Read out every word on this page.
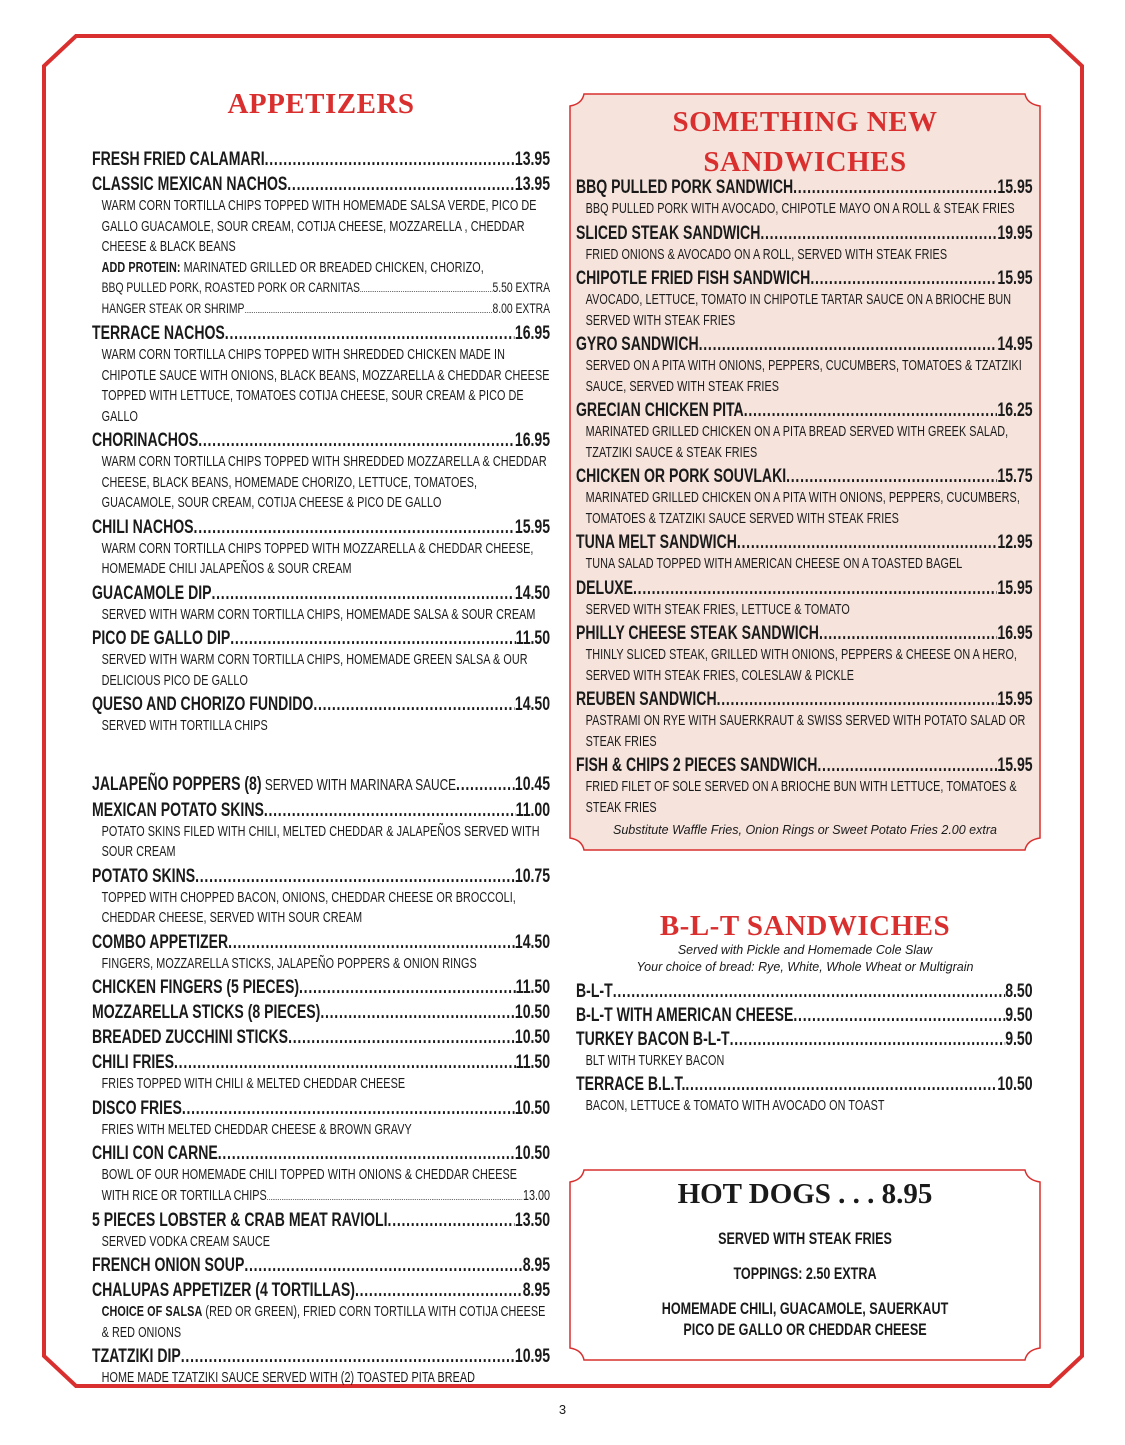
APPETIZERS
FRESH FRIED CALAMARI .....	13.95
CLASSIC MEXICAN NACHOS .....	13.95
WARM CORN TORTILLA CHIPS TOPPED WITH HOMEMADE SALSA VERDE, PICO DE GALLO GUACAMOLE, SOUR CREAM, COTIJA CHEESE, MOZZARELLA , CHEDDAR CHEESE & BLACK BEANS
ADD PROTEIN: MARINATED GRILLED OR BREADED CHICKEN, CHORIZO,
BBQ PULLED PORK, ROASTED PORK OR CARNITAS .....	5.50 EXTRA
HANGER STEAK OR SHRIMP .....	8.00 EXTRA
TERRACE NACHOS .....	16.95
WARM CORN TORTILLA CHIPS TOPPED WITH SHREDDED CHICKEN MADE IN CHIPOTLE SAUCE WITH ONIONS, BLACK BEANS, MOZZARELLA & CHEDDAR CHEESE TOPPED WITH LETTUCE, TOMATOES COTIJA CHEESE, SOUR CREAM & PICO DE GALLO
CHORINACHOS .....	16.95
WARM CORN TORTILLA CHIPS TOPPED WITH SHREDDED MOZZARELLA & CHEDDAR CHEESE, BLACK BEANS, HOMEMADE CHORIZO, LETTUCE, TOMATOES, GUACAMOLE, SOUR CREAM, COTIJA CHEESE & PICO DE GALLO
CHILI NACHOS .....	15.95
WARM CORN TORTILLA CHIPS TOPPED WITH MOZZARELLA & CHEDDAR CHEESE, HOMEMADE CHILI JALAPEÑOS & SOUR CREAM
GUACAMOLE DIP .....	14.50
SERVED WITH WARM CORN TORTILLA CHIPS, HOMEMADE SALSA & SOUR CREAM
PICO DE GALLO DIP .....	11.50
SERVED WITH WARM CORN TORTILLA CHIPS, HOMEMADE GREEN SALSA & OUR DELICIOUS PICO DE GALLO
QUESO AND CHORIZO FUNDIDO .....	14.50
SERVED WITH TORTILLA CHIPS
JALAPEÑO POPPERS (8) SERVED WITH MARINARA SAUCE .....	10.45
MEXICAN POTATO SKINS .....	11.00
POTATO SKINS FILED WITH CHILI, MELTED CHEDDAR & JALAPEÑOS SERVED WITH SOUR CREAM
POTATO SKINS .....	10.75
TOPPED WITH CHOPPED BACON, ONIONS, CHEDDAR CHEESE OR BROCCOLI, CHEDDAR CHEESE, SERVED WITH SOUR CREAM
COMBO APPETIZER .....	14.50
FINGERS, MOZZARELLA STICKS, JALAPEÑO POPPERS & ONION RINGS
CHICKEN FINGERS (5 PIECES) .....	11.50
MOZZARELLA STICKS (8 PIECES) .....	10.50
BREADED ZUCCHINI STICKS .....	10.50
CHILI FRIES .....	11.50
FRIES TOPPED WITH CHILI & MELTED CHEDDAR CHEESE
DISCO FRIES .....	10.50
FRIES WITH MELTED CHEDDAR CHEESE & BROWN GRAVY
CHILI CON CARNE .....	10.50
BOWL OF OUR HOMEMADE CHILI TOPPED WITH ONIONS & CHEDDAR CHEESE
WITH RICE OR TORTILLA CHIPS .....	13.00
5 PIECES LOBSTER & CRAB MEAT RAVIOLI .....	13.50
SERVED VODKA CREAM SAUCE
FRENCH ONION SOUP .....	8.95
CHALUPAS APPETIZER (4 TORTILLAS) .....	8.95
CHOICE OF SALSA (RED OR GREEN), FRIED CORN TORTILLA WITH COTIJA CHEESE & RED ONIONS
TZATZIKI DIP .....	10.95
HOME MADE TZATZIKI SAUCE SERVED WITH (2) TOASTED PITA BREAD
SOMETHING NEW
SANDWICHES
BBQ PULLED PORK SANDWICH .....	15.95
BBQ PULLED PORK WITH AVOCADO, CHIPOTLE MAYO ON A ROLL & STEAK FRIES
SLICED STEAK SANDWICH .....	19.95
FRIED ONIONS & AVOCADO ON A ROLL, SERVED WITH STEAK FRIES
CHIPOTLE FRIED FISH SANDWICH .....	15.95
AVOCADO, LETTUCE, TOMATO IN CHIPOTLE TARTAR SAUCE ON A BRIOCHE BUN SERVED WITH STEAK FRIES
GYRO SANDWICH .....	14.95
SERVED ON A PITA WITH ONIONS, PEPPERS, CUCUMBERS, TOMATOES & TZATZIKI SAUCE, SERVED WITH STEAK FRIES
GRECIAN CHICKEN PITA .....	16.25
MARINATED GRILLED CHICKEN ON A PITA BREAD SERVED WITH GREEK SALAD, TZATZIKI SAUCE & STEAK FRIES
CHICKEN OR PORK SOUVLAKI .....	15.75
MARINATED GRILLED CHICKEN ON A PITA WITH ONIONS, PEPPERS, CUCUMBERS, TOMATOES & TZATZIKI SAUCE SERVED WITH STEAK FRIES
TUNA MELT SANDWICH .....	12.95
TUNA SALAD TOPPED WITH AMERICAN CHEESE ON A TOASTED BAGEL
DELUXE .....	15.95
SERVED WITH STEAK FRIES, LETTUCE & TOMATO
PHILLY CHEESE STEAK SANDWICH .....	16.95
THINLY SLICED STEAK, GRILLED WITH ONIONS, PEPPERS & CHEESE ON A HERO, SERVED WITH STEAK FRIES, COLESLAW & PICKLE
REUBEN SANDWICH .....	15.95
PASTRAMI ON RYE WITH SAUERKRAUT & SWISS SERVED WITH POTATO SALAD OR STEAK FRIES
FISH & CHIPS 2 PIECES SANDWICH .....	15.95
FRIED FILET OF SOLE SERVED ON A BRIOCHE BUN WITH LETTUCE, TOMATOES & STEAK FRIES
Substitute Waffle Fries, Onion Rings or Sweet Potato Fries 2.00 extra
B-L-T SANDWICHES
Served with Pickle and Homemade Cole Slaw
Your choice of bread: Rye, White, Whole Wheat or Multigrain
B-L-T .....	8.50
B-L-T WITH AMERICAN CHEESE .....	9.50
TURKEY BACON B-L-T .....	9.50
BLT WITH TURKEY BACON
TERRACE B.L.T. .....	10.50
BACON, LETTUCE & TOMATO WITH AVOCADO ON TOAST
HOT DOGS . . . 8.95
SERVED WITH STEAK FRIES
TOPPINGS: 2.50 EXTRA
HOMEMADE CHILI, GUACAMOLE, SAUERKAUT
PICO DE GALLO OR CHEDDAR CHEESE
3
